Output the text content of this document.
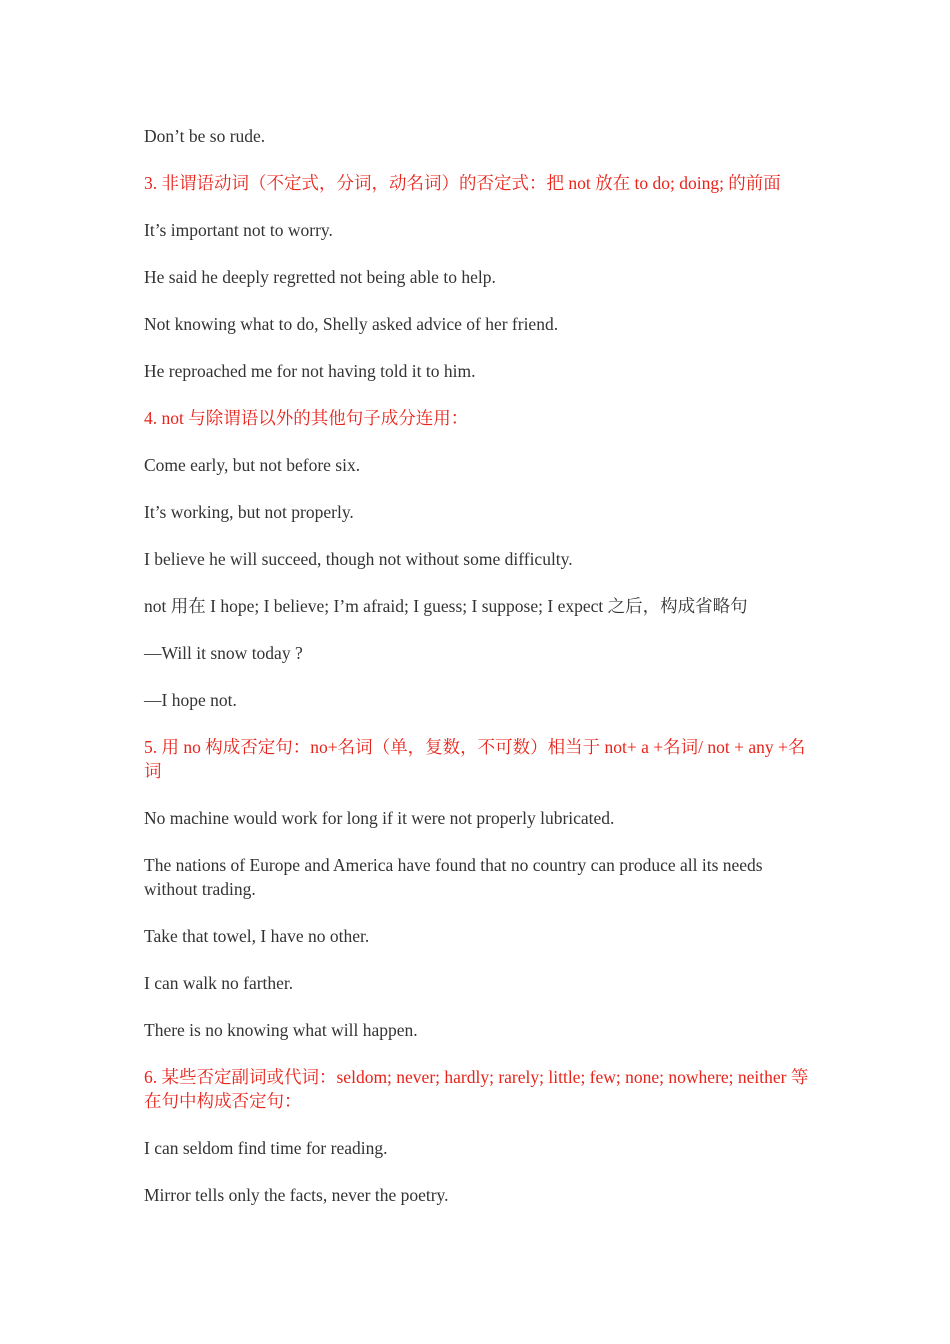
Don’t be so rude.

3. 非谓语动词（不定式，分词，动名词）的否定式：把 not 放在 to do; doing; 的前面

It’s important not to worry.

He said he deeply regretted not being able to help.

Not knowing what to do, Shelly asked advice of her friend.

He reproached me for not having told it to him.

4. not 与除谓语以外的其他句子成分连用：

Come early, but not before six.

It’s working, but not properly.

I believe he will succeed, though not without some difficulty.

not 用在 I hope; I believe; I’m afraid; I guess; I suppose; I expect 之后，构成省略句

—Will it snow today ?

—I hope not.

5. 用 no 构成否定句：no+名词（单，复数，不可数）相当于 not+ a +名词/ not + any +名词

No machine would work for long if it were not properly lubricated.

The nations of Europe and America have found that no country can produce all its needs without trading.

Take that towel, I have no other.

I can walk no farther.

There is no knowing what will happen.

6. 某些否定副词或代词：seldom; never; hardly; rarely; little; few; none; nowhere; neither 等在句中构成否定句：

I can seldom find time for reading.

Mirror tells only the facts, never the poetry.
